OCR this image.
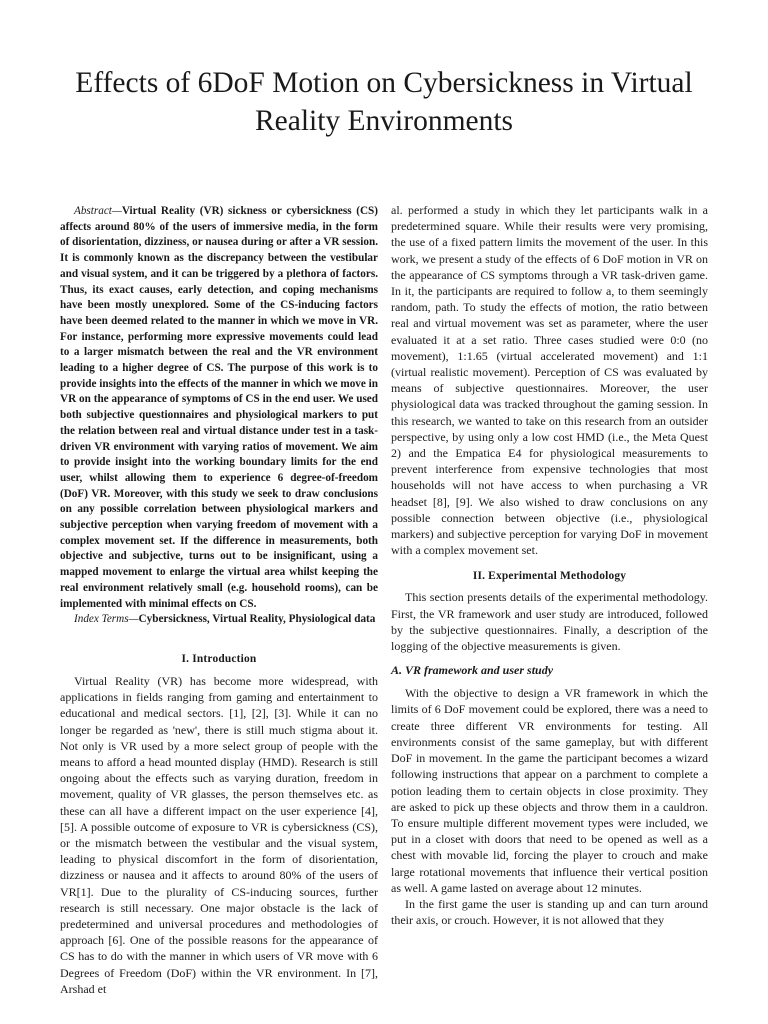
Effects of 6DoF Motion on Cybersickness in Virtual Reality Environments

Abstract—Virtual Reality (VR) sickness or cybersickness (CS) affects around 80% of the users of immersive media, in the form of disorientation, dizziness, or nausea during or after a VR session. It is commonly known as the discrepancy between the vestibular and visual system, and it can be triggered by a plethora of factors. Thus, its exact causes, early detection, and coping mechanisms have been mostly unexplored. Some of the CS-inducing factors have been deemed related to the manner in which we move in VR. For instance, performing more expressive movements could lead to a larger mismatch between the real and the VR environment leading to a higher degree of CS. The purpose of this work is to provide insights into the effects of the manner in which we move in VR on the appearance of symptoms of CS in the end user. We used both subjective questionnaires and physiological markers to put the relation between real and virtual distance under test in a task-driven VR environment with varying ratios of movement. We aim to provide insight into the working boundary limits for the end user, whilst allowing them to experience 6 degree-of-freedom (DoF) VR. Moreover, with this study we seek to draw conclusions on any possible correlation between physiological markers and subjective perception when varying freedom of movement with a complex movement set. If the difference in measurements, both objective and subjective, turns out to be insignificant, using a mapped movement to enlarge the virtual area whilst keeping the real environment relatively small (e.g. household rooms), can be implemented with minimal effects on CS.

Index Terms—Cybersickness, Virtual Reality, Physiological data

I. Introduction

Virtual Reality (VR) has become more widespread, with applications in fields ranging from gaming and entertainment to educational and medical sectors. [1], [2], [3]. While it can no longer be regarded as 'new', there is still much stigma about it. Not only is VR used by a more select group of people with the means to afford a head mounted display (HMD). Research is still ongoing about the effects such as varying duration, freedom in movement, quality of VR glasses, the person themselves etc. as these can all have a different impact on the user experience [4], [5]. A possible outcome of exposure to VR is cybersickness (CS), or the mismatch between the vestibular and the visual system, leading to physical discomfort in the form of disorientation, dizziness or nausea and it affects to around 80% of the users of VR[1]. Due to the plurality of CS-inducing sources, further research is still necessary. One major obstacle is the lack of predetermined and universal procedures and methodologies of approach [6]. One of the possible reasons for the appearance of CS has to do with the manner in which users of VR move with 6 Degrees of Freedom (DoF) within the VR environment. In [7], Arshad et

al. performed a study in which they let participants walk in a predetermined square. While their results were very promising, the use of a fixed pattern limits the movement of the user. In this work, we present a study of the effects of 6 DoF motion in VR on the appearance of CS symptoms through a VR task-driven game. In it, the participants are required to follow a, to them seemingly random, path. To study the effects of motion, the ratio between real and virtual movement was set as parameter, where the user evaluated it at a set ratio. Three cases studied were 0:0 (no movement), 1:1.65 (virtual accelerated movement) and 1:1 (virtual realistic movement). Perception of CS was evaluated by means of subjective questionnaires. Moreover, the user physiological data was tracked throughout the gaming session. In this research, we wanted to take on this research from an outsider perspective, by using only a low cost HMD (i.e., the Meta Quest 2) and the Empatica E4 for physiological measurements to prevent interference from expensive technologies that most households will not have access to when purchasing a VR headset [8], [9]. We also wished to draw conclusions on any possible connection between objective (i.e., physiological markers) and subjective perception for varying DoF in movement with a complex movement set.

II. Experimental Methodology

This section presents details of the experimental methodology. First, the VR framework and user study are introduced, followed by the subjective questionnaires. Finally, a description of the logging of the objective measurements is given.

A. VR framework and user study

With the objective to design a VR framework in which the limits of 6 DoF movement could be explored, there was a need to create three different VR environments for testing. All environments consist of the same gameplay, but with different DoF in movement. In the game the participant becomes a wizard following instructions that appear on a parchment to complete a potion leading them to certain objects in close proximity. They are asked to pick up these objects and throw them in a cauldron. To ensure multiple different movement types were included, we put in a closet with doors that need to be opened as well as a chest with movable lid, forcing the player to crouch and make large rotational movements that influence their vertical position as well. A game lasted on average about 12 minutes.

In the first game the user is standing up and can turn around their axis, or crouch. However, it is not allowed that they
